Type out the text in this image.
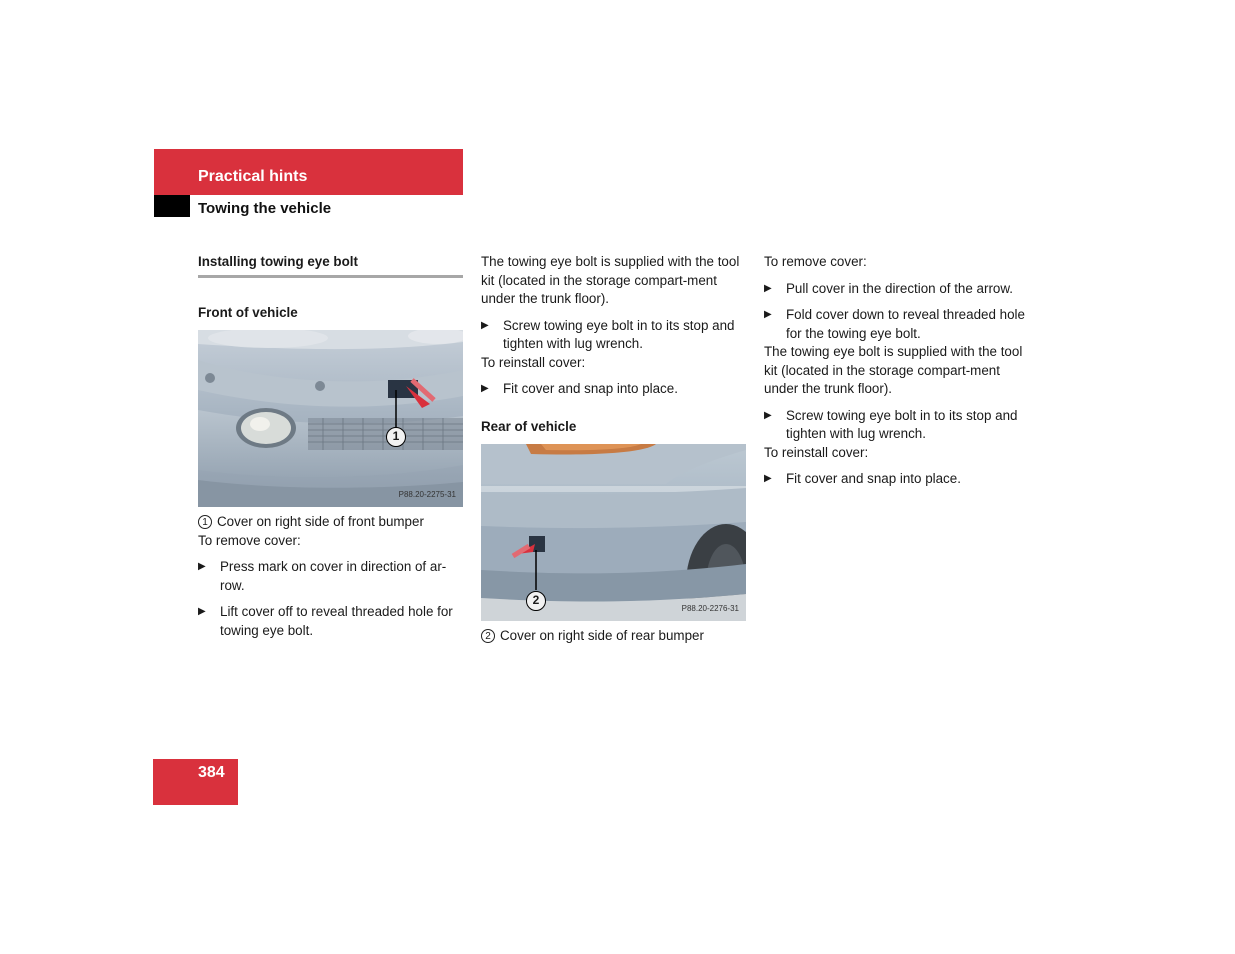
Practical hints
Towing the vehicle
Installing towing eye bolt
Front of vehicle
1
P88.20-2275-31
1 Cover on right side of front bumper

To remove cover:

▶	Press mark on cover in direction of ar-row.
▶	Lift cover off to reveal threaded hole for towing eye bolt.

The towing eye bolt is supplied with the tool kit (located in the storage compart-ment under the trunk floor).

▶	Screw towing eye bolt in to its stop and tighten with lug wrench.

To reinstall cover:

▶	Fit cover and snap into place.
Rear of vehicle
2
P88.20-2276-31
2 Cover on right side of rear bumper

To remove cover:

▶	Pull cover in the direction of the arrow.
▶	Fold cover down to reveal threaded hole for the towing eye bolt.

The towing eye bolt is supplied with the tool kit (located in the storage compart-ment under the trunk floor).

▶	Screw towing eye bolt in to its stop and tighten with lug wrench.

To reinstall cover:

▶	Fit cover and snap into place.
384
